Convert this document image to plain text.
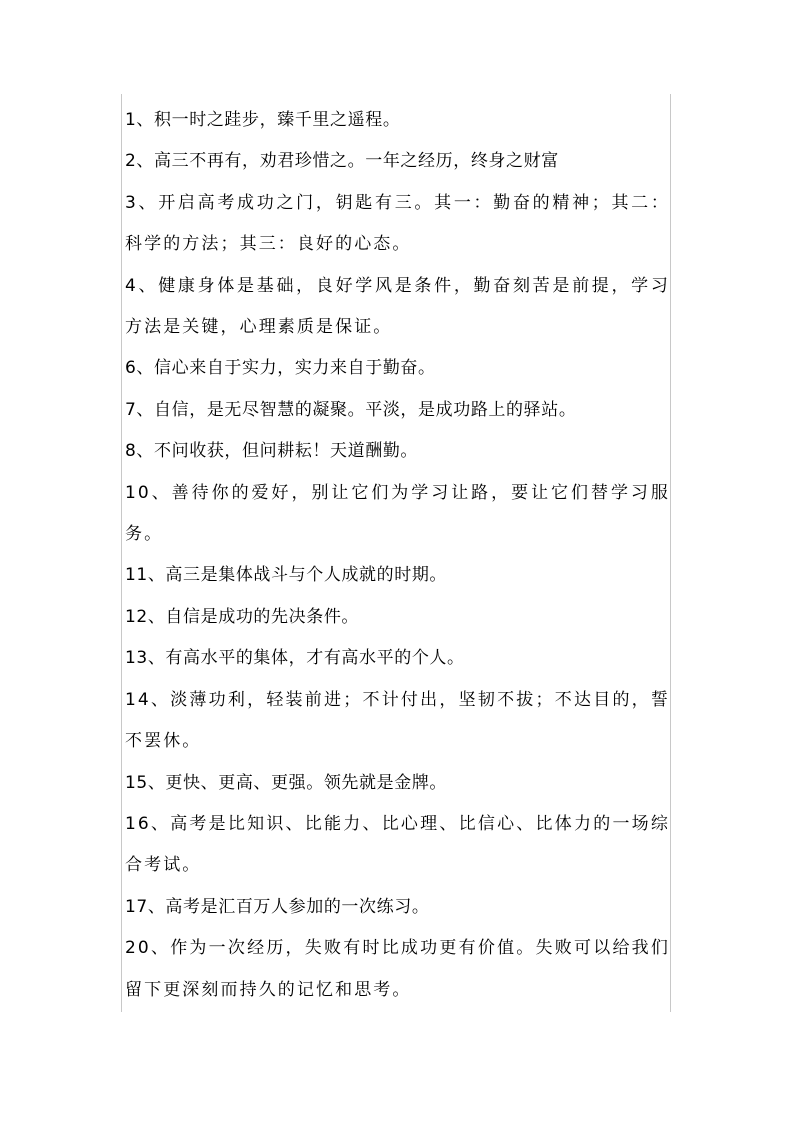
1、积一时之跬步，臻千里之遥程。

2、高三不再有，劝君珍惜之。一年之经历，终身之财富

3、开启高考成功之门，钥匙有三。其一：勤奋的精神；其二：科学的方法；其三：良好的心态。

4、健康身体是基础，良好学风是条件，勤奋刻苦是前提，学习方法是关键，心理素质是保证。

6、信心来自于实力，实力来自于勤奋。

7、自信，是无尽智慧的凝聚。平淡，是成功路上的驿站。

8、不问收获，但问耕耘！天道酬勤。

10、善待你的爱好，别让它们为学习让路，要让它们替学习服务。

11、高三是集体战斗与个人成就的时期。

12、自信是成功的先决条件。

13、有高水平的集体，才有高水平的个人。

14、淡薄功利，轻装前进；不计付出，坚韧不拔；不达目的，誓不罢休。

15、更快、更高、更强。领先就是金牌。

16、高考是比知识、比能力、比心理、比信心、比体力的一场综合考试。

17、高考是汇百万人参加的一次练习。

20、作为一次经历，失败有时比成功更有价值。失败可以给我们留下更深刻而持久的记忆和思考。
